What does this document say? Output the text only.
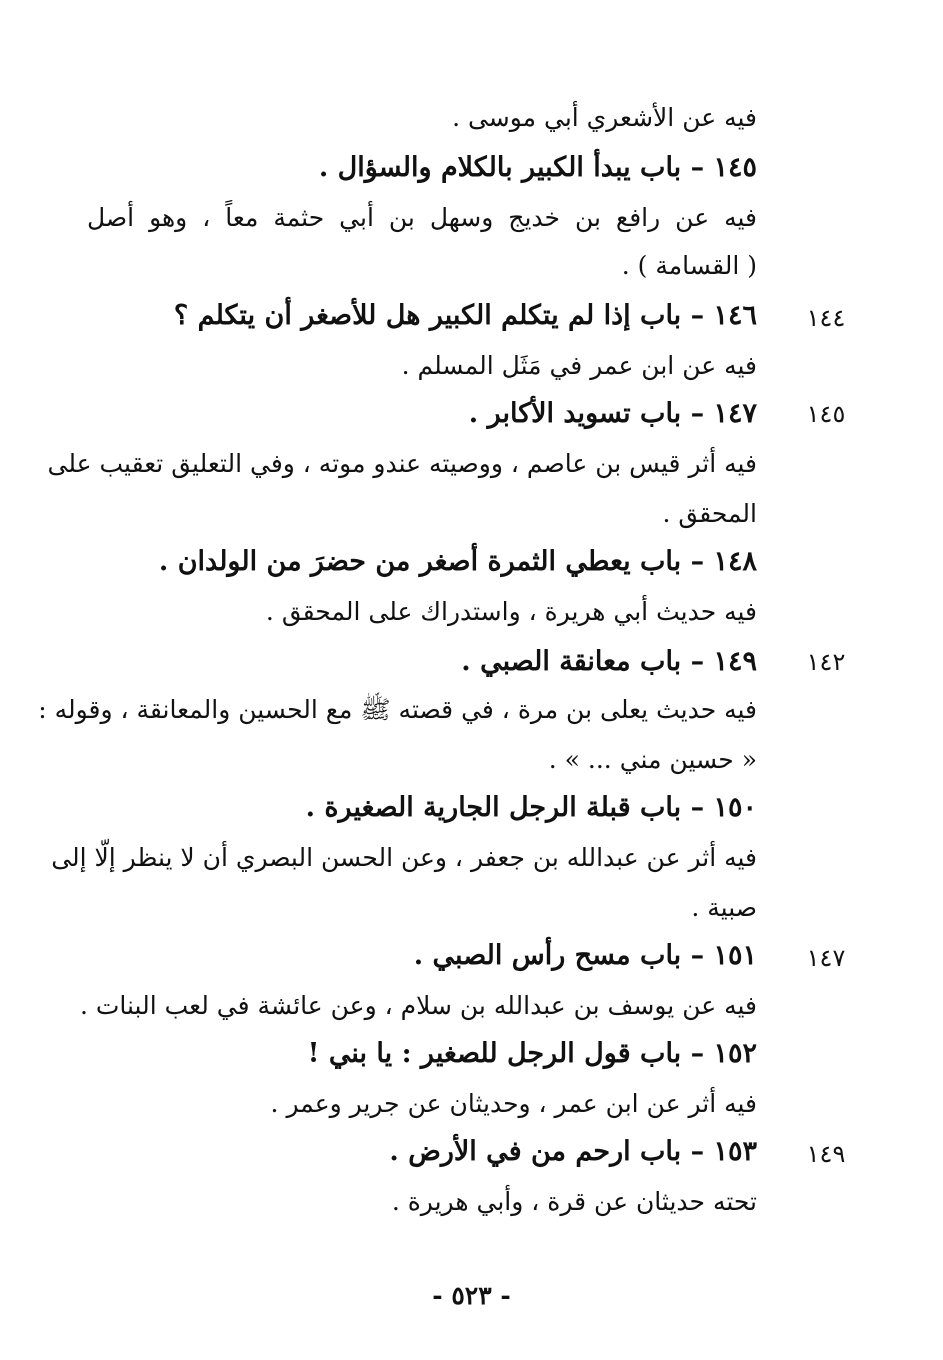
فيه عن الأشعري أبي موسى .
١٤٥ – باب يبدأ الكبير بالكلام والسؤال .
فيه عن رافع بن خديج وسهل بن أبي حثمة معاً ، وهو أصل
( القسامة ) .
١٤٤
١٤٦ – باب إذا لم يتكلم الكبير هل للأصغر أن يتكلم ؟
فيه عن ابن عمر في مَثَل المسلم .
١٤٥
١٤٧ – باب تسويد الأكابر .
فيه أثر قيس بن عاصم ، ووصيته عندو موته ، وفي التعليق تعقيب على
المحقق .
١٤٨ – باب يعطي الثمرة أصغر من حضرَ من الولدان .
فيه حديث أبي هريرة ، واستدراك على المحقق .
١٤٢
١٤٩ – باب معانقة الصبي .
فيه حديث يعلى بن مرة ، في قصته ﷺ مع الحسين والمعانقة ، وقوله :
« حسين مني ... » .
١٥٠ – باب قبلة الرجل الجارية الصغيرة .
فيه أثر عن عبدالله بن جعفر ، وعن الحسن البصري أن لا ينظر إلّا إلى
صبية .
١٤٧
١٥١ – باب مسح رأس الصبي .
فيه عن يوسف بن عبدالله بن سلام ، وعن عائشة في لعب البنات .
١٥٢ – باب قول الرجل للصغير : يا بني !
فيه أثر عن ابن عمر ، وحديثان عن جرير وعمر .
١٤٩
١٥٣ – باب ارحم من في الأرض .
تحته حديثان عن قرة ، وأبي هريرة .
- ٥٢٣ -
